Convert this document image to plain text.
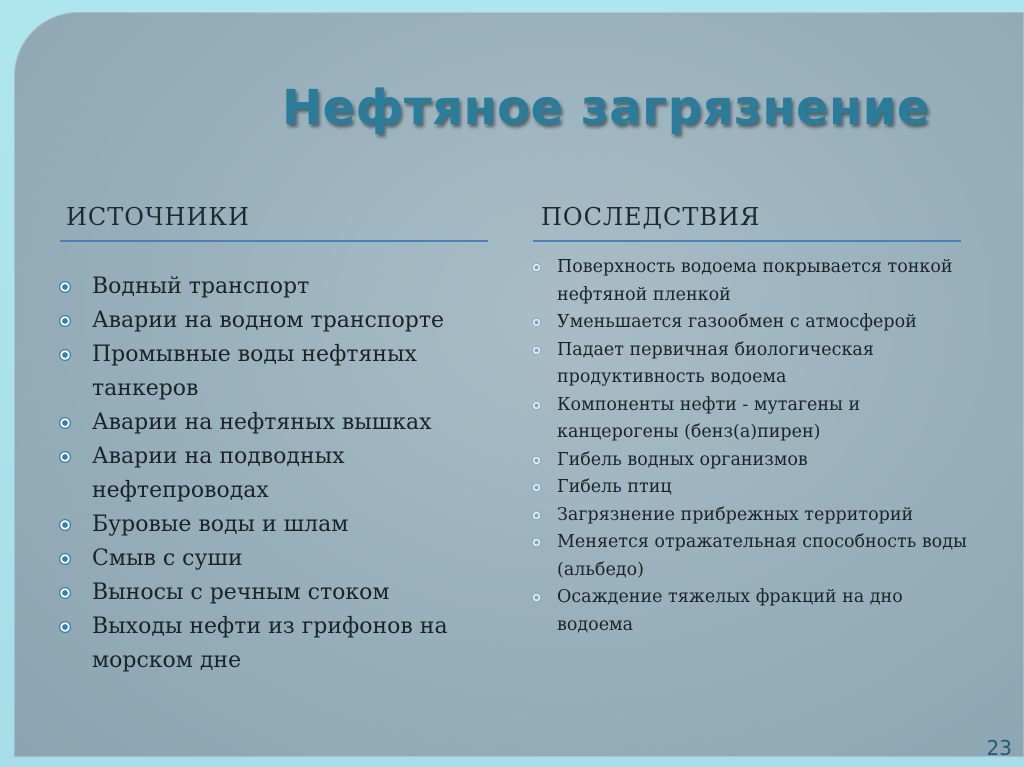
Нефтяное загрязнение
ИСТОЧНИКИ	ПОСЛЕДСТВИЯ
Водный транспорт
Аварии на водном транспорте
Промывные воды нефтяных танкеров
Аварии на нефтяных вышках
Аварии на подводных нефтепроводах
Буровые воды и шлам
Смыв с суши
Выносы с речным стоком
Выходы нефти из грифонов на морском дне
Поверхность водоема покрывается тонкой нефтяной пленкой
Уменьшается газообмен с атмосферой
Падает первичная биологическая продуктивность водоема
Компоненты нефти - мутагены и канцерогены (бенз(а)пирен)
Гибель водных организмов
Гибель птиц
Загрязнение прибрежных территорий
Меняется отражательная способность воды (альбедо)
Осаждение тяжелых фракций на дно водоема
23
